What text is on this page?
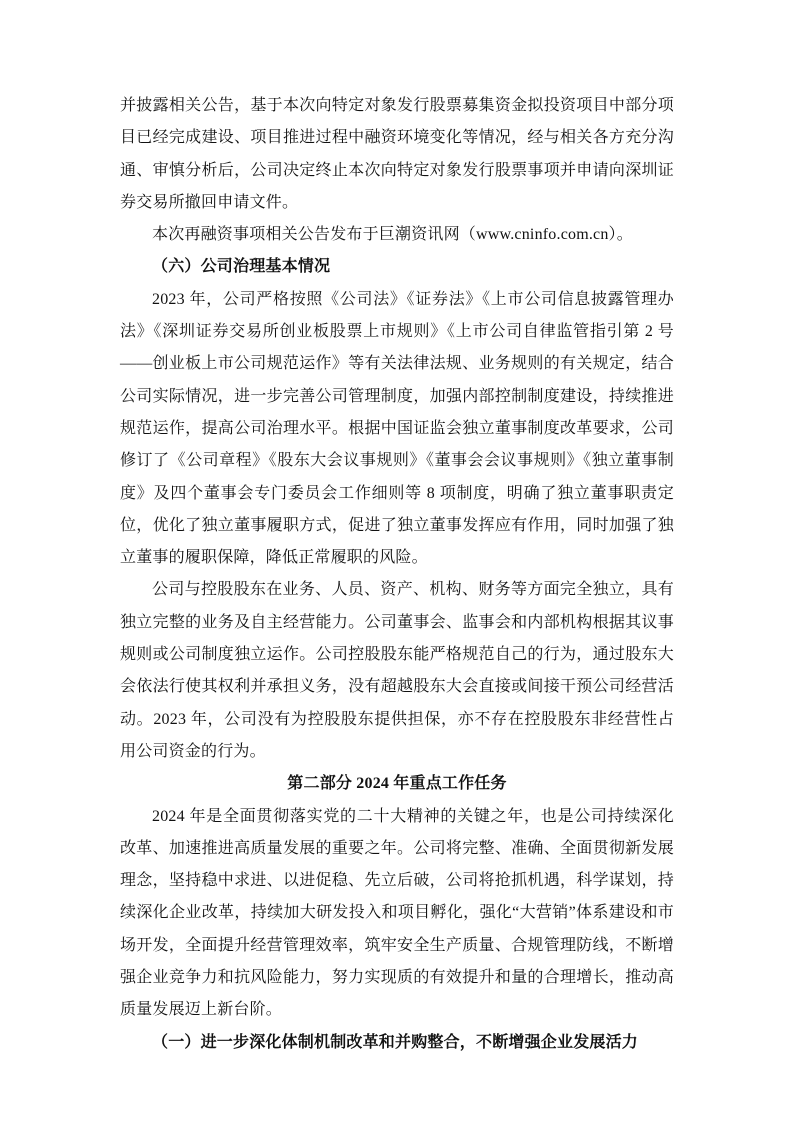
并披露相关公告，基于本次向特定对象发行股票募集资金拟投资项目中部分项目已经完成建设、项目推进过程中融资环境变化等情况，经与相关各方充分沟通、审慎分析后，公司决定终止本次向特定对象发行股票事项并申请向深圳证券交易所撤回申请文件。

本次再融资事项相关公告发布于巨潮资讯网（www.cninfo.com.cn）。

（六）公司治理基本情况

2023 年，公司严格按照《公司法》《证券法》《上市公司信息披露管理办法》《深圳证券交易所创业板股票上市规则》《上市公司自律监管指引第 2 号——创业板上市公司规范运作》等有关法律法规、业务规则的有关规定，结合公司实际情况，进一步完善公司管理制度，加强内部控制制度建设，持续推进规范运作，提高公司治理水平。根据中国证监会独立董事制度改革要求，公司修订了《公司章程》《股东大会议事规则》《董事会会议事规则》《独立董事制度》及四个董事会专门委员会工作细则等 8 项制度，明确了独立董事职责定位，优化了独立董事履职方式，促进了独立董事发挥应有作用，同时加强了独立董事的履职保障，降低正常履职的风险。

公司与控股股东在业务、人员、资产、机构、财务等方面完全独立，具有独立完整的业务及自主经营能力。公司董事会、监事会和内部机构根据其议事规则或公司制度独立运作。公司控股股东能严格规范自己的行为，通过股东大会依法行使其权利并承担义务，没有超越股东大会直接或间接干预公司经营活动。2023 年，公司没有为控股股东提供担保，亦不存在控股股东非经营性占用公司资金的行为。

第二部分 2024 年重点工作任务

2024 年是全面贯彻落实党的二十大精神的关键之年，也是公司持续深化改革、加速推进高质量发展的重要之年。公司将完整、准确、全面贯彻新发展理念，坚持稳中求进、以进促稳、先立后破，公司将抢抓机遇，科学谋划，持续深化企业改革，持续加大研发投入和项目孵化，强化“大营销”体系建设和市场开发，全面提升经营管理效率，筑牢安全生产质量、合规管理防线，不断增强企业竞争力和抗风险能力，努力实现质的有效提升和量的合理增长，推动高质量发展迈上新台阶。

（一）进一步深化体制机制改革和并购整合，不断增强企业发展活力
